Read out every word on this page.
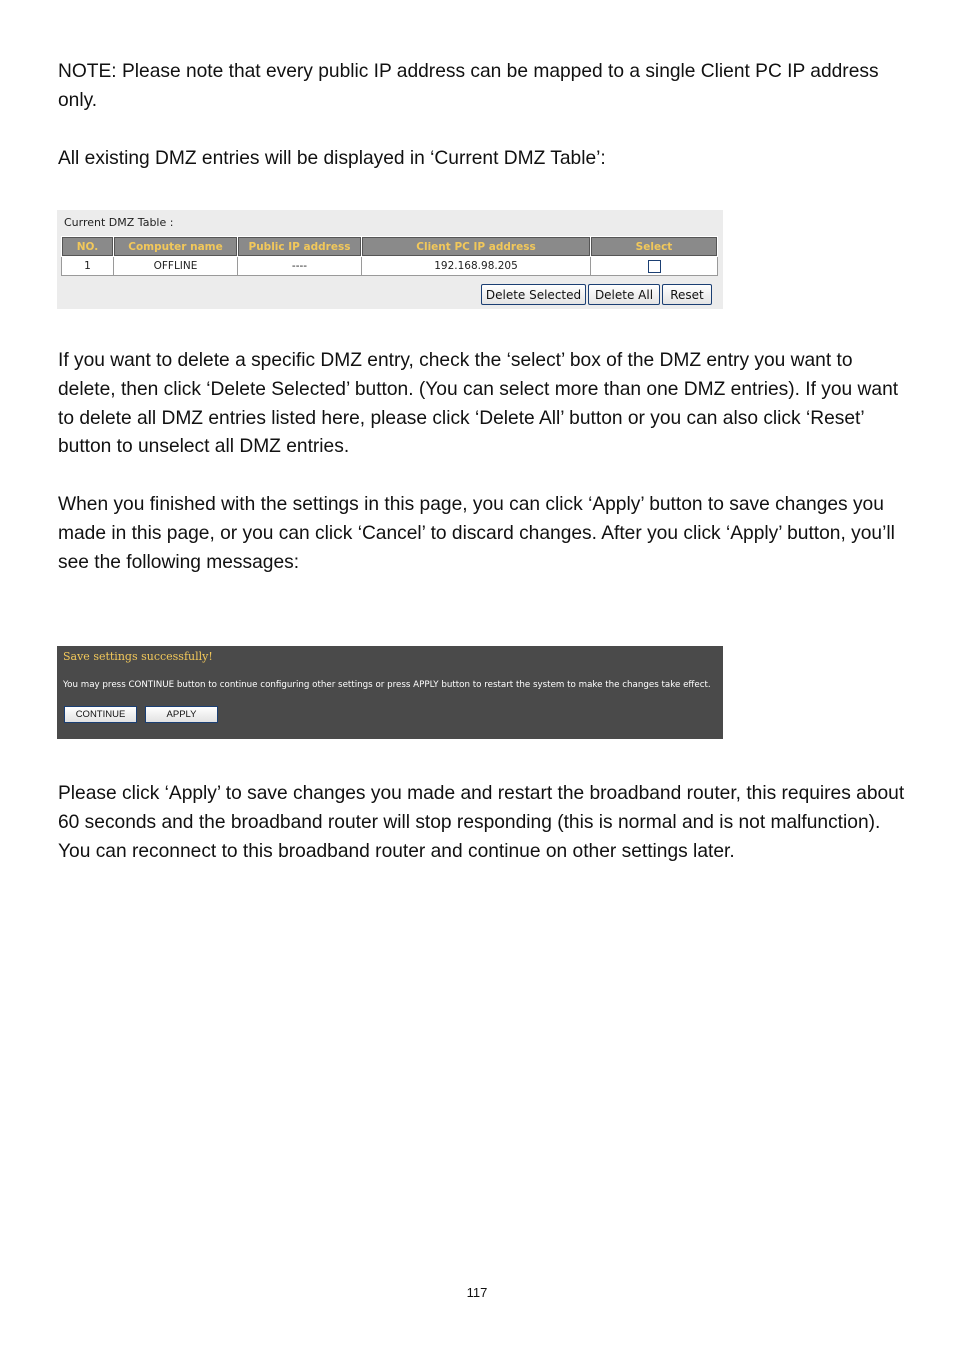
NOTE: Please note that every public IP address can be mapped to a single Client PC IP address only.

All existing DMZ entries will be displayed in ‘Current DMZ Table’:

Current DMZ Table :
NO.	Computer name	Public IP address	Client PC IP address	Select
1	OFFLINE	----	192.168.98.205	
Delete Selected	Delete All	Reset

If you want to delete a specific DMZ entry, check the ‘select’ box of the DMZ entry you want to delete, then click ‘Delete Selected’ button. (You can select more than one DMZ entries). If you want to delete all DMZ entries listed here, please click ‘Delete All’ button or you can also click ‘Reset’ button to unselect all DMZ entries.

When you finished with the settings in this page, you can click ‘Apply’ button to save changes you made in this page, or you can click ‘Cancel’ to discard changes. After you click ‘Apply’ button, you’ll see the following messages:

Save settings successfully!
You may press CONTINUE button to continue configuring other settings or press APPLY button to restart the system to make the changes take effect.
CONTINUE	APPLY

Please click ‘Apply’ to save changes you made and restart the broadband router, this requires about 60 seconds and the broadband router will stop responding (this is normal and is not malfunction). You can reconnect to this broadband router and continue on other settings later.

117
